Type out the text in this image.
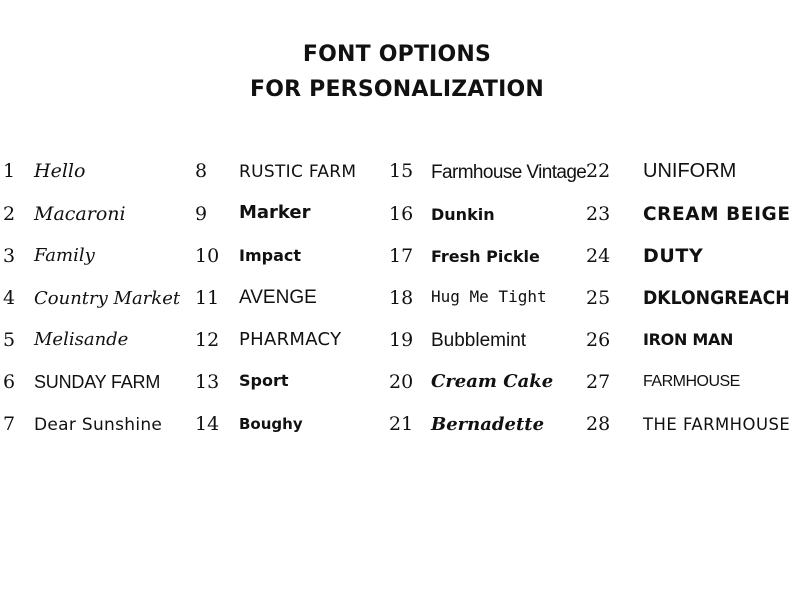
FONT OPTIONS
FOR PERSONALIZATION
1 Hello
2 Macaroni
3 Family
4 Country Market
5 Melisande
6 SUNDAY FARM
7 Dear Sunshine
8 RUSTIC FARM
9 Marker
10 Impact
11 AVENGE
12 PHARMACY
13 Sport
14 Boughy
15 Farmhouse Vintage
16 Dunkin
17 Fresh Pickle
18 Hug Me Tight
19 Bubblemint
20 Cream Cake
21 Bernadette
22 UNIFORM
23 CREAM BEIGE
24 DUTY
25 DKLONGREACH
26 IRON MAN
27 FARMHOUSE
28 THE FARMHOUSE
